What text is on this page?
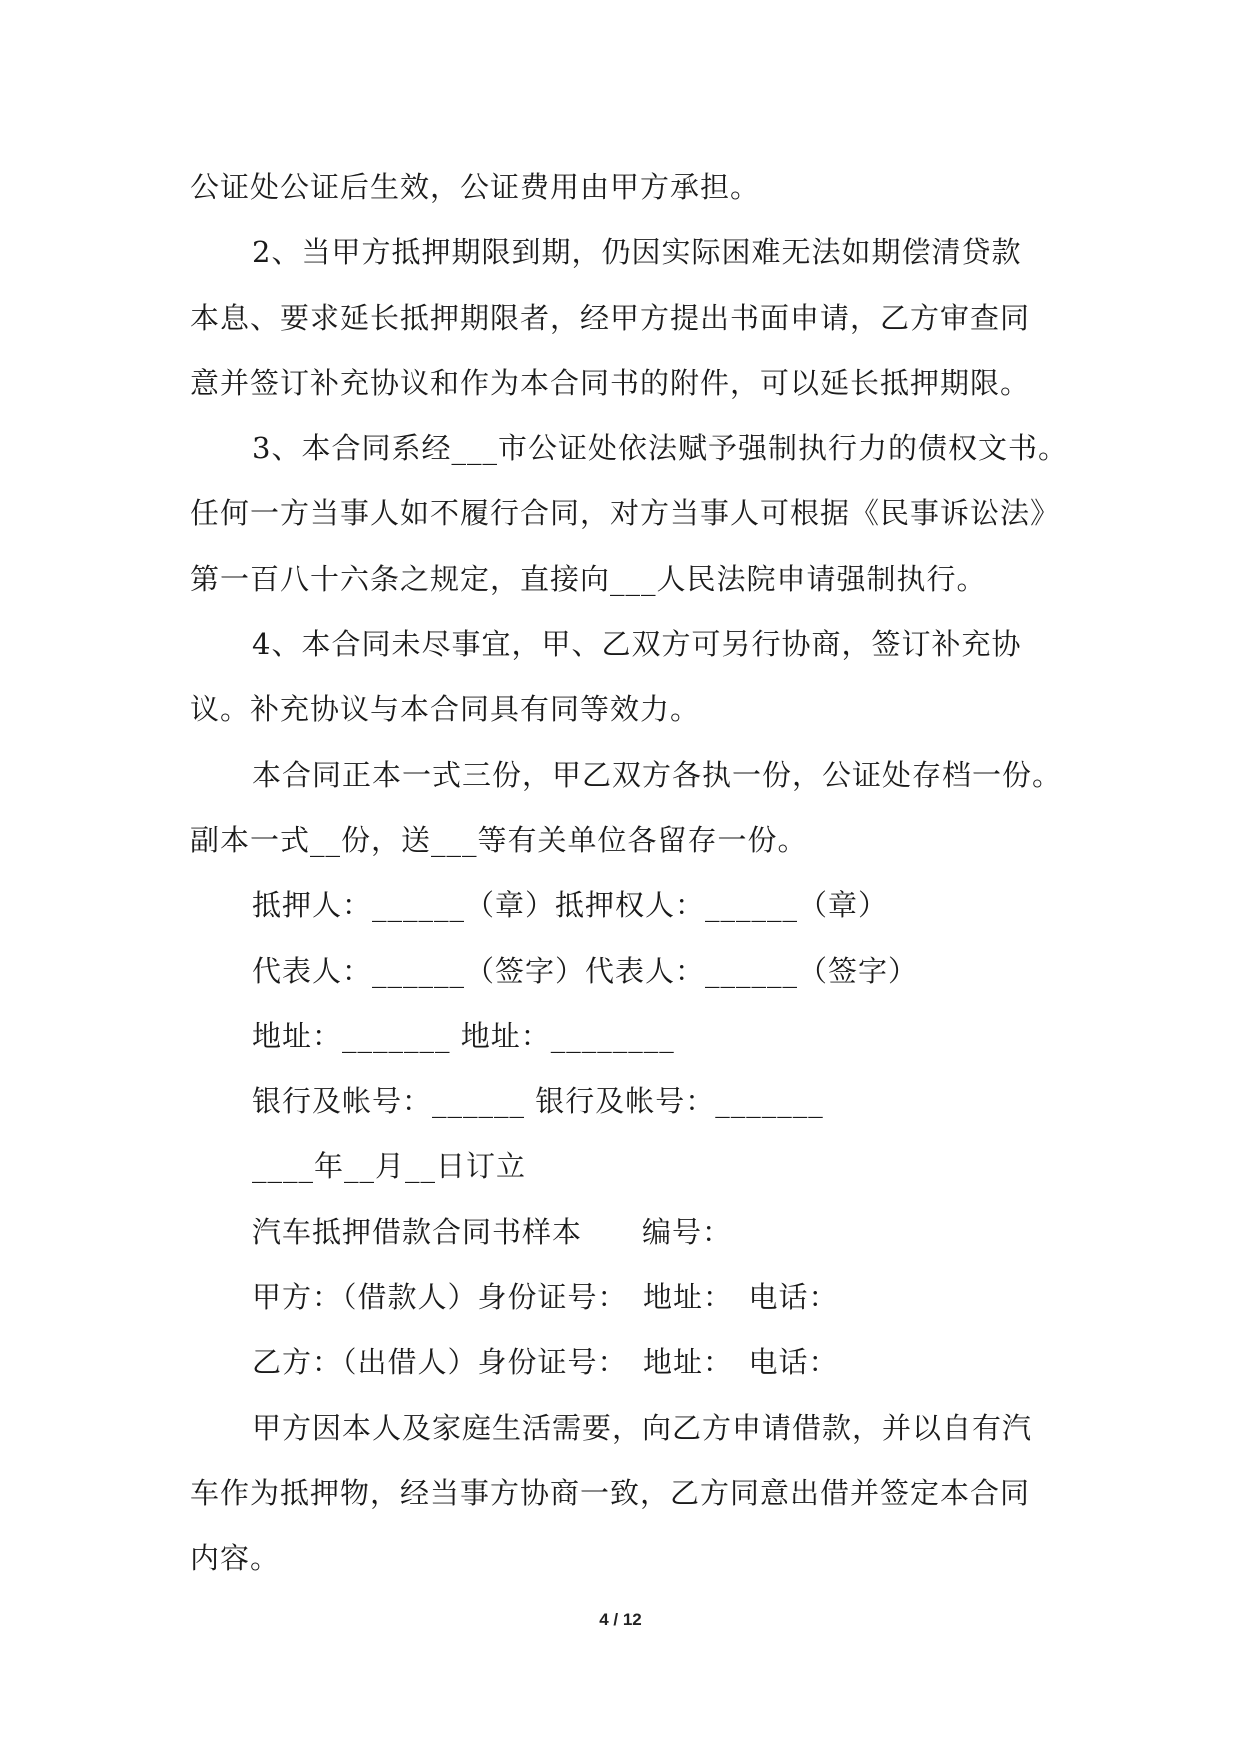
公证处公证后生效，公证费用由甲方承担。
2、当甲方抵押期限到期，仍因实际困难无法如期偿清贷款
本息、要求延长抵押期限者，经甲方提出书面申请，乙方审查同
意并签订补充协议和作为本合同书的附件，可以延长抵押期限。
3、本合同系经___市公证处依法赋予强制执行力的债权文书。
任何一方当事人如不履行合同，对方当事人可根据《民事诉讼法》
第一百八十六条之规定，直接向___人民法院申请强制执行。
4、本合同未尽事宜，甲、乙双方可另行协商，签订补充协
议。补充协议与本合同具有同等效力。
本合同正本一式三份，甲乙双方各执一份，公证处存档一份。
副本一式__份，送___等有关单位各留存一份。
抵押人：______（章）抵押权人：______（章）
代表人：______（签字）代表人：______（签字）
地址：_______ 地址：________
银行及帐号：______ 银行及帐号：_______
____年__月__日订立
汽车抵押借款合同书样本　　编号：
甲方：（借款人）身份证号：　地址：　电话：
乙方：（出借人）身份证号：　地址：　电话：
甲方因本人及家庭生活需要，向乙方申请借款，并以自有汽
车作为抵押物，经当事方协商一致，乙方同意出借并签定本合同
内容。
4 / 12
